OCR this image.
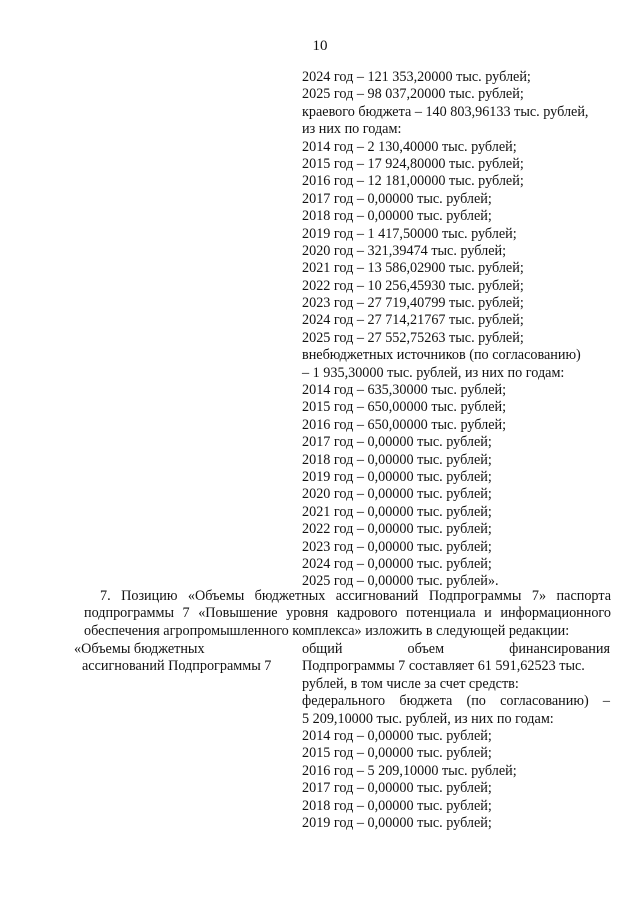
10
2024 год – 121 353,20000 тыс. рублей;
2025 год – 98 037,20000 тыс. рублей;
краевого бюджета – 140 803,96133 тыс. рублей,
из них по годам:
2014 год – 2 130,40000 тыс. рублей;
2015 год – 17 924,80000 тыс. рублей;
2016 год – 12 181,00000 тыс. рублей;
2017 год – 0,00000 тыс. рублей;
2018 год – 0,00000 тыс. рублей;
2019 год – 1 417,50000 тыс. рублей;
2020 год – 321,39474 тыс. рублей;
2021 год – 13 586,02900 тыс. рублей;
2022 год – 10 256,45930 тыс. рублей;
2023 год – 27 719,40799 тыс. рублей;
2024 год – 27 714,21767 тыс. рублей;
2025 год – 27 552,75263 тыс. рублей;
внебюджетных источников (по согласованию)
– 1 935,30000 тыс. рублей, из них по годам:
2014 год – 635,30000 тыс. рублей;
2015 год – 650,00000 тыс. рублей;
2016 год – 650,00000 тыс. рублей;
2017 год – 0,00000 тыс. рублей;
2018 год – 0,00000 тыс. рублей;
2019 год – 0,00000 тыс. рублей;
2020 год – 0,00000 тыс. рублей;
2021 год – 0,00000 тыс. рублей;
2022 год – 0,00000 тыс. рублей;
2023 год – 0,00000 тыс. рублей;
2024 год – 0,00000 тыс. рублей;
2025 год – 0,00000 тыс. рублей».
7. Позицию «Объемы бюджетных ассигнований Подпрограммы 7» паспорта
подпрограммы 7 «Повышение уровня кадрового потенциала и информационного
обеспечения агропромышленного комплекса» изложить в следующей редакции:
«Объемы бюджетных
ассигнований Подпрограммы 7
общий объем финансирования
Подпрограммы 7 составляет 61 591,62523 тыс.
рублей, в том числе за счет средств:
федерального бюджета (по согласованию) –
5 209,10000 тыс. рублей, из них по годам:
2014 год – 0,00000 тыс. рублей;
2015 год – 0,00000 тыс. рублей;
2016 год – 5 209,10000 тыс. рублей;
2017 год – 0,00000 тыс. рублей;
2018 год – 0,00000 тыс. рублей;
2019 год – 0,00000 тыс. рублей;
